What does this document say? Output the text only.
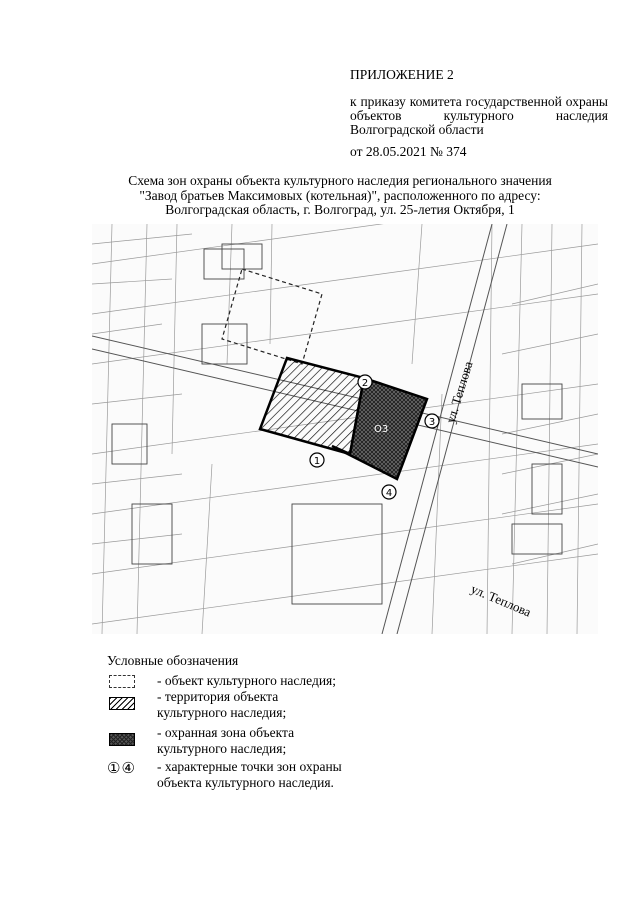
ПРИЛОЖЕНИЕ 2
к приказу комитета государственной охраны объектов культурного наследия Волгоградской области
от 28.05.2021 № 374
Схема зон охраны объекта культурного наследия регионального значения
"Завод братьев Максимовых (котельная)", расположенного по адресу:
Волгоградская область, г. Волгоград, ул. 25-летия Октября, 1
О3
1
2
3
4
ул. Теплова
ул. Теплова
Условные обозначения
- объект культурного наследия;
- территория объекта
культурного наследия;
- охранная зона объекта
культурного наследия;
①④ - характерные точки зон охраны
объекта культурного наследия.
